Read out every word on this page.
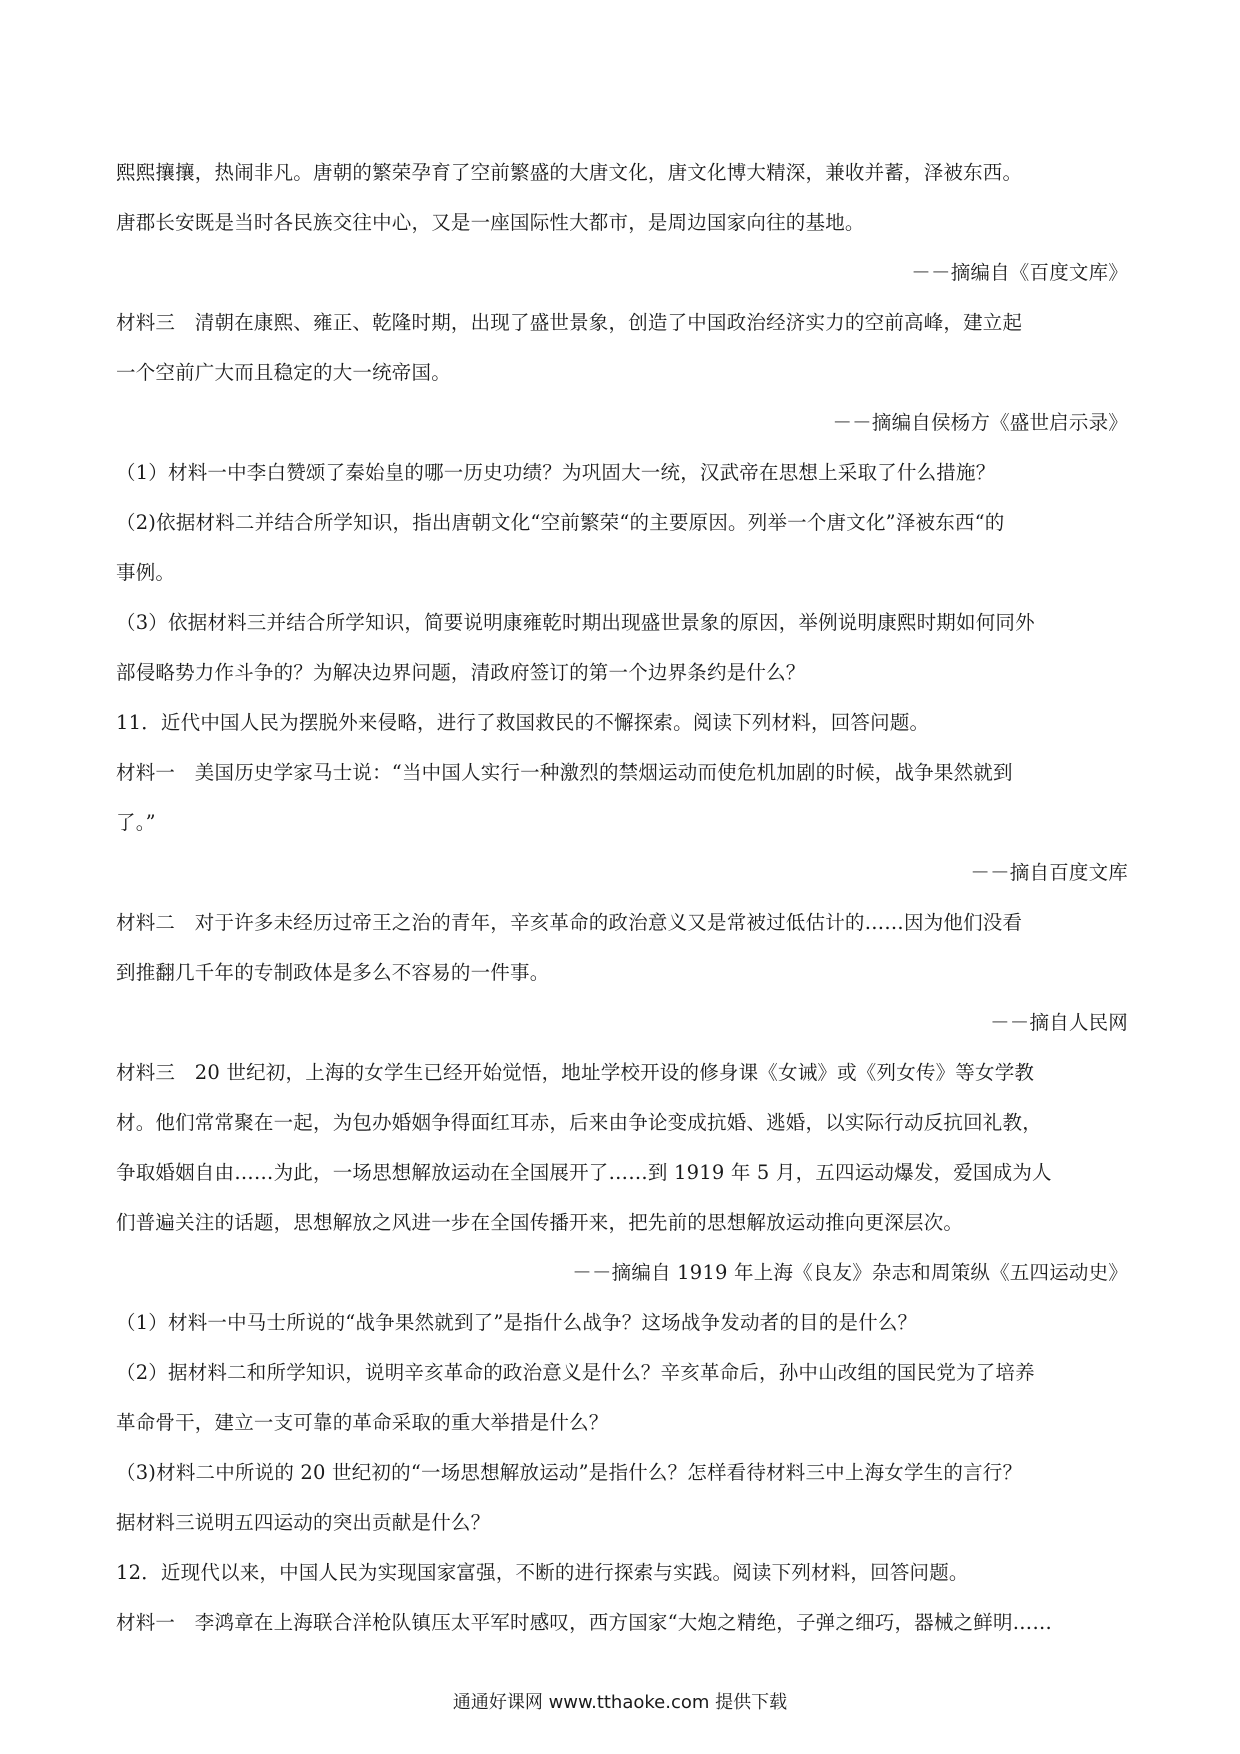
熙熙攘攘，热闹非凡。唐朝的繁荣孕育了空前繁盛的大唐文化，唐文化博大精深，兼收并蓄，泽被东西。
唐郡长安既是当时各民族交往中心，又是一座国际性大都市，是周边国家向往的基地。
－－摘编自《百度文库》
材料三　清朝在康熙、雍正、乾隆时期，出现了盛世景象，创造了中国政治经济实力的空前高峰，建立起
一个空前广大而且稳定的大一统帝国。
－－摘编自侯杨方《盛世启示录》
（1）材料一中李白赞颂了秦始皇的哪一历史功绩？为巩固大一统，汉武帝在思想上采取了什么措施？
（2)依据材料二并结合所学知识，指出唐朝文化“空前繁荣“的主要原因。列举一个唐文化”泽被东西“的
事例。
（3）依据材料三并结合所学知识，简要说明康雍乾时期出现盛世景象的原因，举例说明康熙时期如何同外
部侵略势力作斗争的？为解决边界问题，清政府签订的第一个边界条约是什么？
11．近代中国人民为摆脱外来侵略，进行了救国救民的不懈探索。阅读下列材料，回答问题。
材料一　美国历史学家马士说：“当中国人实行一种激烈的禁烟运动而使危机加剧的时候，战争果然就到
了。”
－－摘自百度文库
材料二　对于许多未经历过帝王之治的青年，辛亥革命的政治意义又是常被过低估计的……因为他们没看
到推翻几千年的专制政体是多么不容易的一件事。
－－摘自人民网
材料三　20 世纪初，上海的女学生已经开始觉悟，地址学校开设的修身课《女诫》或《列女传》等女学教
材。他们常常聚在一起，为包办婚姻争得面红耳赤，后来由争论变成抗婚、逃婚，以实际行动反抗回礼教，
争取婚姻自由……为此，一场思想解放运动在全国展开了……到 1919 年 5 月，五四运动爆发，爱国成为人
们普遍关注的话题，思想解放之风进一步在全国传播开来，把先前的思想解放运动推向更深层次。
－－摘编自 1919 年上海《良友》杂志和周策纵《五四运动史》
（1）材料一中马士所说的“战争果然就到了”是指什么战争？这场战争发动者的目的是什么？
（2）据材料二和所学知识，说明辛亥革命的政治意义是什么？辛亥革命后，孙中山改组的国民党为了培养
革命骨干，建立一支可靠的革命采取的重大举措是什么？
（3)材料二中所说的 20 世纪初的“一场思想解放运动”是指什么？怎样看待材料三中上海女学生的言行？
据材料三说明五四运动的突出贡献是什么？
12．近现代以来，中国人民为实现国家富强，不断的进行探索与实践。阅读下列材料，回答问题。
材料一　李鸿章在上海联合洋枪队镇压太平军时感叹，西方国家“大炮之精绝，子弹之细巧，器械之鲜明……
通通好课网 www.tthaoke.com 提供下载
